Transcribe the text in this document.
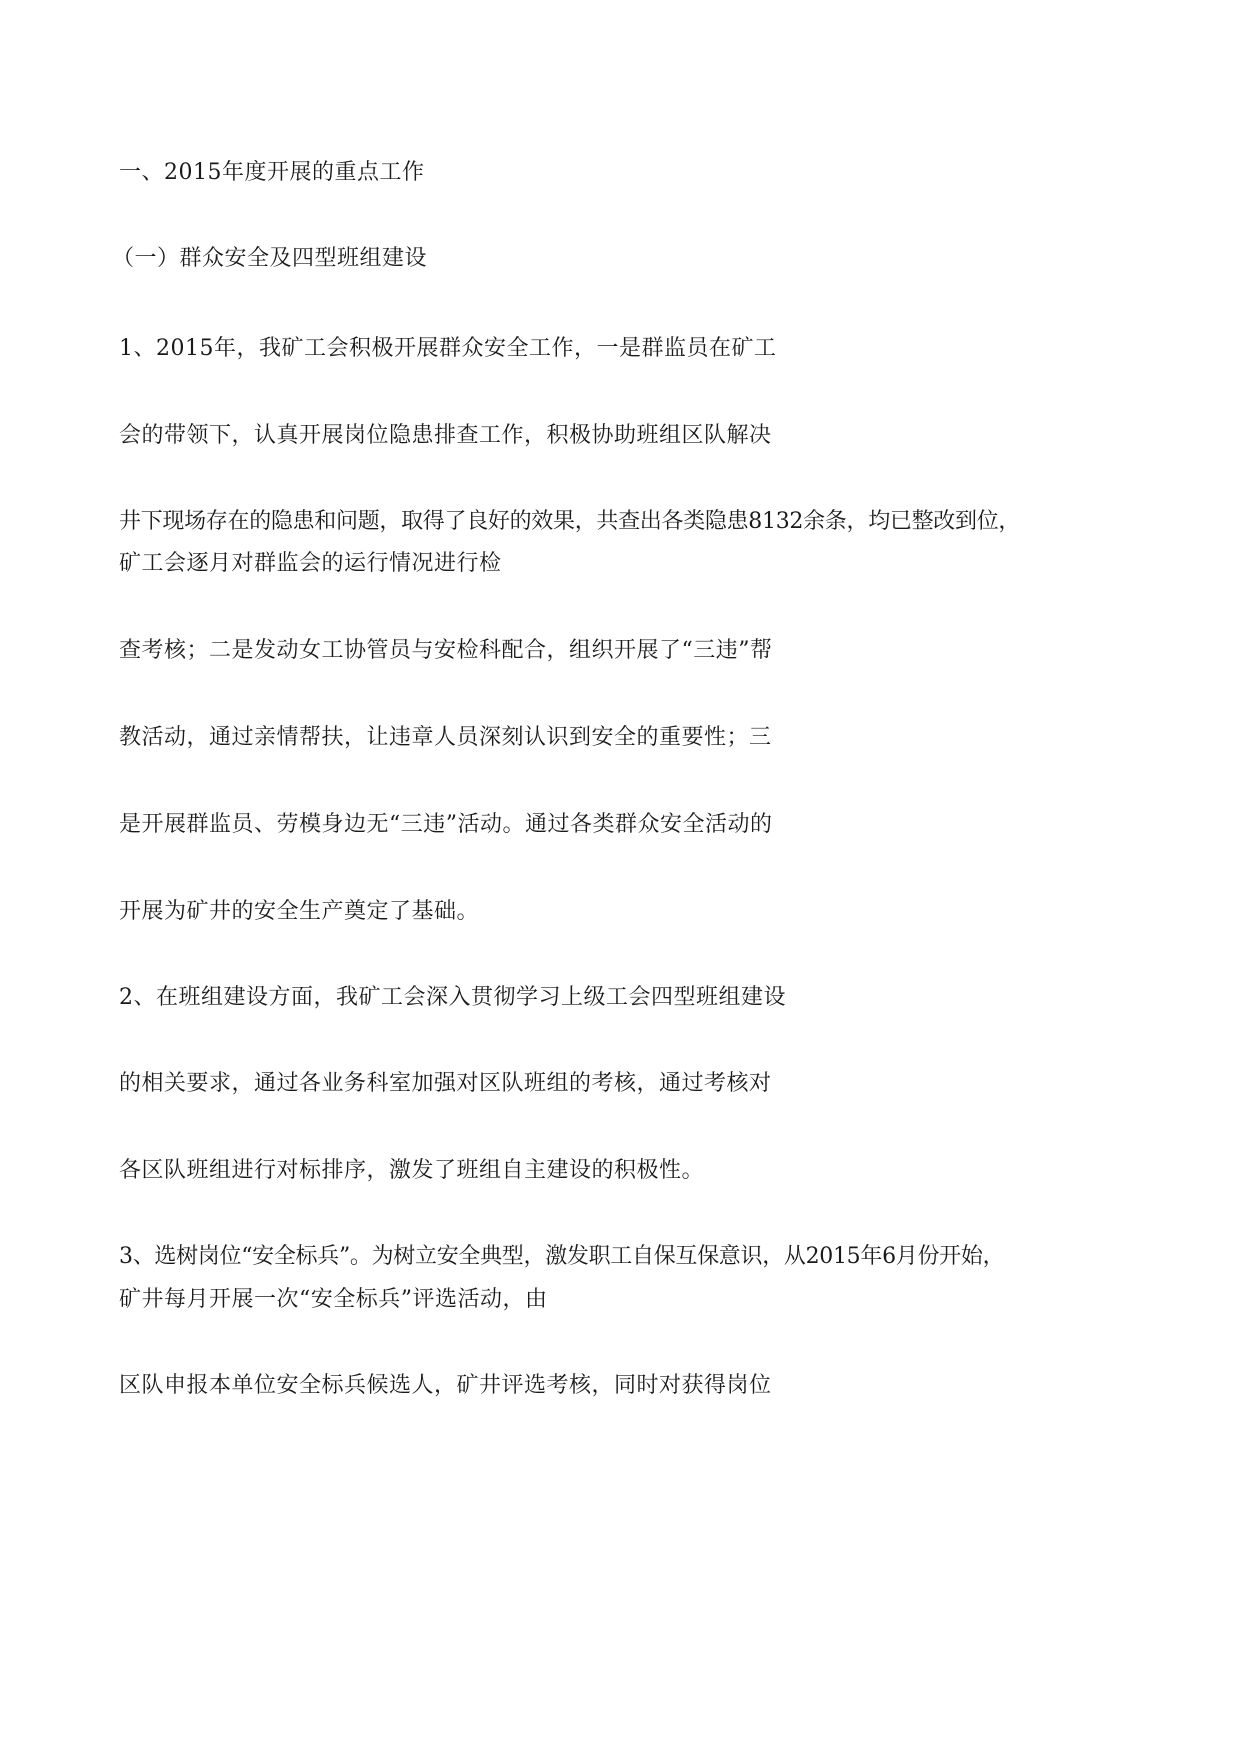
一、2015年度开展的重点工作

（一）群众安全及四型班组建设

1、2015年，我矿工会积极开展群众安全工作，一是群监员在矿工

会的带领下，认真开展岗位隐患排查工作，积极协助班组区队解决

井下现场存在的隐患和问题，取得了良好的效果，共查出各类隐患8132余条，均已整改到位，

矿工会逐月对群监会的运行情况进行检

查考核；二是发动女工协管员与安检科配合，组织开展了“三违”帮

教活动，通过亲情帮扶，让违章人员深刻认识到安全的重要性；三

是开展群监员、劳模身边无“三违”活动。通过各类群众安全活动的

开展为矿井的安全生产奠定了基础。

2、在班组建设方面，我矿工会深入贯彻学习上级工会四型班组建设

的相关要求，通过各业务科室加强对区队班组的考核，通过考核对

各区队班组进行对标排序，激发了班组自主建设的积极性。

3、选树岗位“安全标兵”。为树立安全典型，激发职工自保互保意识，从2015年6月份开始，

矿井每月开展一次“安全标兵”评选活动，由

区队申报本单位安全标兵候选人，矿井评选考核，同时对获得岗位
